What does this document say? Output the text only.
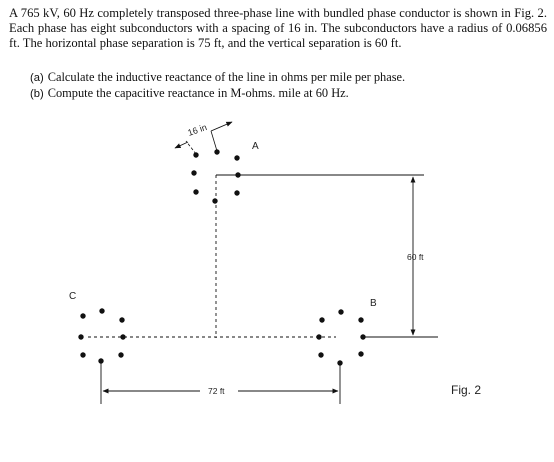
A 765 kV, 60 Hz completely transposed three-phase line with bundled phase conductor is shown in Fig. 2. Each phase has eight subconductors with a spacing of 16 in. The subconductors have a radius of 0.06856 ft. The horizontal phase separation is 75 ft, and the vertical separation is 60 ft.
(a) Calculate the inductive reactance of the line in ohms per mile per phase.
(b) Compute the capacitive reactance in M-ohms. mile at 60 Hz.
16 in
A
C
B
60 ft
72 ft	Fig. 2
